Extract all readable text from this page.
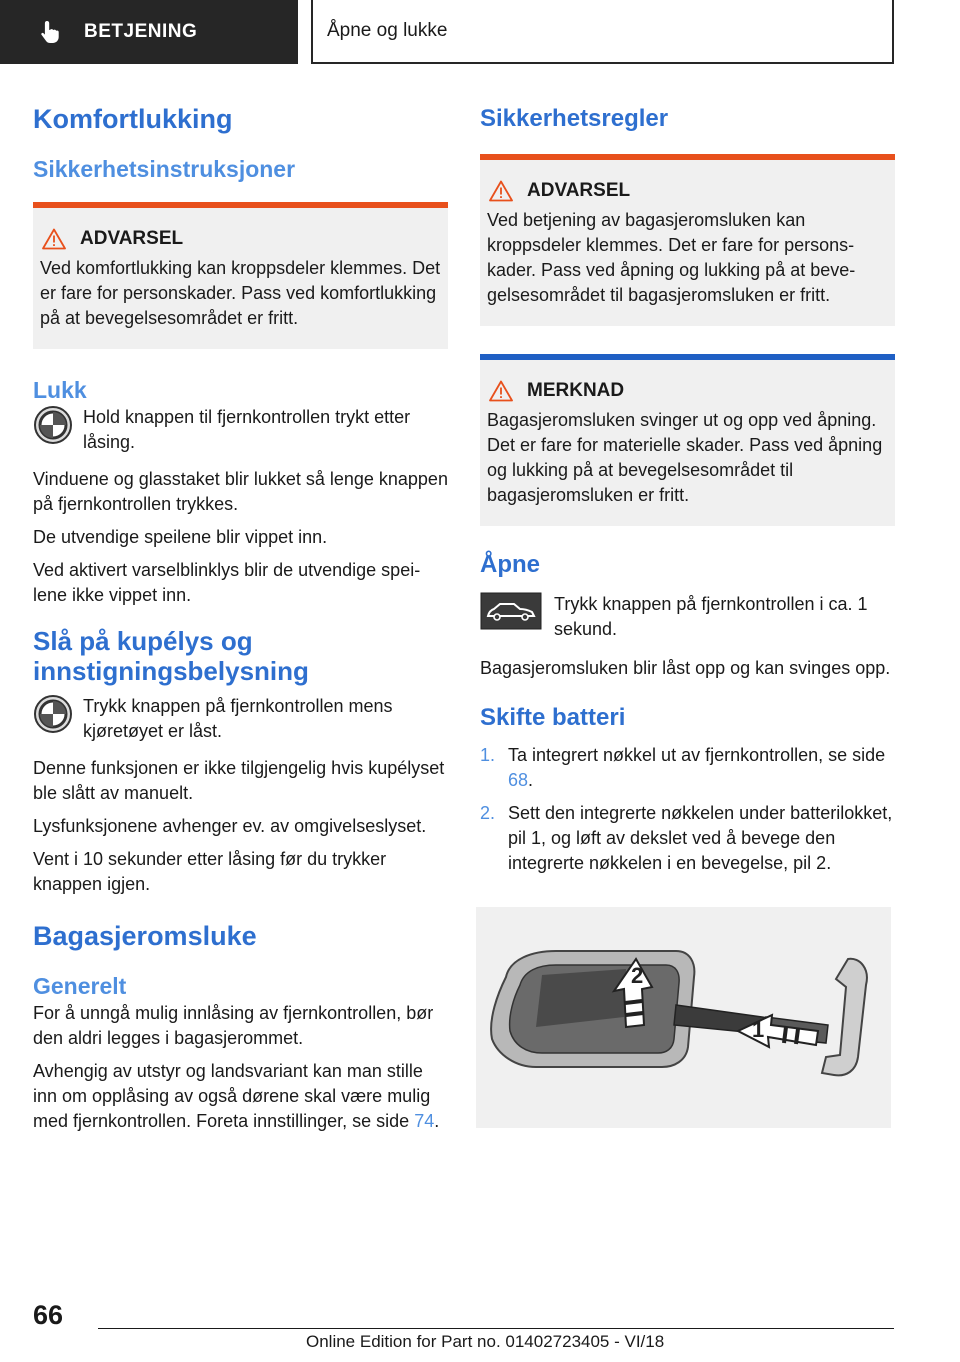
BETJENING	Åpne og lukke
Komfortlukking
Sikkerhetsinstruksjoner
ADVARSEL

Ved komfortlukking kan kroppsdeler klemmes. Det er fare for personskader. Pass ved komfortlukking på at bevegelsesområdet er fritt.

Lukk

Hold knappen til fjernkontrollen trykt etter låsing.

Vinduene og glasstaket blir lukket så lenge knappen på fjernkontrollen trykkes.

De utvendige speilene blir vippet inn.

Ved aktivert varselblinklys blir de utvendige speilene ikke vippet inn.

Slå på kupélys og innstigningsbelysning

Trykk knappen på fjernkontrollen mens kjøretøyet er låst.

Denne funksjonen er ikke tilgjengelig hvis kupélyset ble slått av manuelt.

Lysfunksjonene avhenger ev. av omgivelseslyset.

Vent i 10 sekunder etter låsing før du trykker knappen igjen.

Bagasjeromsluke
Generelt

For å unngå mulig innlåsing av fjernkontrollen, bør den aldri legges i bagasjerommet.

Avhengig av utstyr og landsvariant kan man stille inn om opplåsing av også dørene skal være mulig med fjernkontrollen. Foreta innstillinger, se side 74.

Sikkerhetsregler
ADVARSEL

Ved betjening av bagasjeromsluken kan kroppsdeler klemmes. Det er fare for personskader. Pass ved åpning og lukking på at bevegelsesområdet til bagasjeromsluken er fritt.

MERKNAD

Bagasjeromsluken svinger ut og opp ved åpning. Det er fare for materielle skader. Pass ved åpning og lukking på at bevegelsesområdet til bagasjeromsluken er fritt.

Åpne

Trykk knappen på fjernkontrollen i ca. 1 sekund.

Bagasjeromsluken blir låst opp og kan svinges opp.

Skifte batteri
1. Ta integrert nøkkel ut av fjernkontrollen, se side 68.
2. Sett den integrerte nøkkelen under batterilokket, pil 1, og løft av dekslet ved å bevege den integrerte nøkkelen i en bevegelse, pil 2.
2
1
66
Online Edition for Part no. 01402723405 - VI/18
